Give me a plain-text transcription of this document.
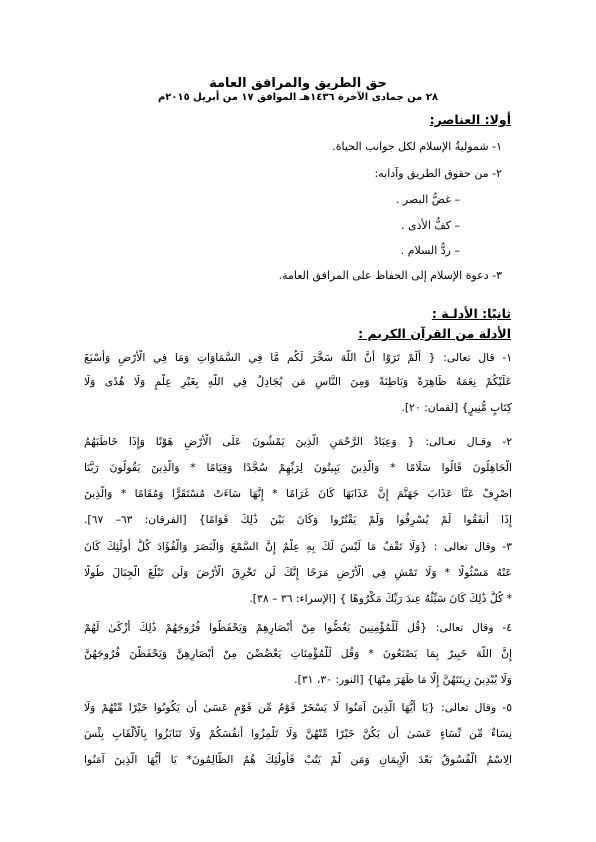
حق الطريق والمرافق العامة
٢٨ من جمادى الآخرة ١٤٣٦هـ الموافق ١٧ من أبريل ٢٠١٥م
أولا: العناصر:
١- شموليةُ الإسلام لكل جوانب الحياة.
٢- من حقوق الطريق وآدابه:
– غضُّ البصر .
– كفُّ الأذى .
– ردُّ السلام .
٣- دعوة الإسلام إلى الحفاظ على المرافق العامة.
ثانيًا: الأدلـة :
الأدلة من القرآن الكريم :
١- قال تعالى: { أَلَمْ تَرَوْا أَنَّ اللَّهَ سَخَّرَ لَكُم مَّا فِي السَّمَاوَاتِ وَمَا فِي الْأَرْضِ وَأَسْبَغَ
عَلَيْكُمْ نِعَمَهُ ظَاهِرَةً وَبَاطِنَةً وَمِنَ النَّاسِ مَن يُجَادِلُ فِي اللَّهِ بِغَيْرِ عِلْمٍ وَلَا هُدًى وَلَا
كِتَابٍ مُّنِيرٍ} [لقمان: ٢٠].
٢- وقـال تعـالى: { وَعِبَادُ الرَّحْمَنِ الَّذِينَ يَمْشُونَ عَلَى الْأَرْضِ هَوْنًا وَإِذَا خَاطَبَهُمُ
الْجَاهِلُونَ قَالُوا سَلَامًا * وَالَّذِينَ يَبِيتُونَ لِرَبِّهِمْ سُجَّدًا وَقِيَامًا * وَالَّذِينَ يَقُولُونَ رَبَّنَا
اصْرِفْ عَنَّا عَذَابَ جَهَنَّمَ إِنَّ عَذَابَهَا كَانَ غَرَامًا * إِنَّهَا سَاءَتْ مُسْتَقَرًّا وَمُقَامًا * وَالَّذِينَ
إِذَا أَنفَقُوا لَمْ يُسْرِفُوا وَلَمْ يَقْتُرُوا وَكَانَ بَيْنَ ذَٰلِكَ قَوَامًا} [الفرقان: ٦٣– ٦٧].
٣- وقال تعالى : {وَلَا تَقْفُ مَا لَيْسَ لَكَ بِهِ عِلْمٌ إِنَّ السَّمْعَ وَالْبَصَرَ وَالْفُؤَادَ كُلُّ أُولَٰئِكَ كَانَ
عَنْهُ مَسْئُولًا * وَلَا تَمْشِ فِي الْأَرْضِ مَرَحًا إِنَّكَ لَن تَخْرِقَ الْأَرْضَ وَلَن تَبْلُغَ الْجِبَالَ طُولًا
* كُلُّ ذَٰلِكَ كَانَ سَيِّئُهُ عِندَ رَبِّكَ مَكْرُوهًا } [الإسراء: ٣٦ – ٣٨].
٤- وقال تعالى: {قُل لِّلْمُؤْمِنِينَ يَغُضُّوا مِنْ أَبْصَارِهِمْ وَيَحْفَظُوا فُرُوجَهُمْ ذَٰلِكَ أَزْكَىٰ لَهُمْ
إِنَّ اللَّهَ خَبِيرٌ بِمَا يَصْنَعُونَ * وَقُل لِّلْمُؤْمِنَاتِ يَغْضُضْنَ مِنْ أَبْصَارِهِنَّ وَيَحْفَظْنَ فُرُوجَهُنَّ
وَلَا يُبْدِينَ زِينَتَهُنَّ إِلَّا مَا ظَهَرَ مِنْهَا} [النور: ٣٠، ٣١].
٥- وقال تعالى: {يَا أَيُّهَا الَّذِينَ آمَنُوا لَا يَسْخَرْ قَوْمٌ مِّن قَوْمٍ عَسَىٰ أَن يَكُونُوا خَيْرًا مِّنْهُمْ وَلَا
نِسَاءٌ مِّن نِّسَاءٍ عَسَىٰ أَن يَكُنَّ خَيْرًا مِّنْهُنَّ وَلَا تَلْمِزُوا أَنفُسَكُمْ وَلَا تَنَابَزُوا بِالْأَلْقَابِ بِئْسَ
الِاسْمُ الْفُسُوقُ بَعْدَ الْإِيمَانِ وَمَن لَّمْ يَتُبْ فَأُولَٰئِكَ هُمُ الظَّالِمُونَ* يَا أَيُّهَا الَّذِينَ آمَنُوا
